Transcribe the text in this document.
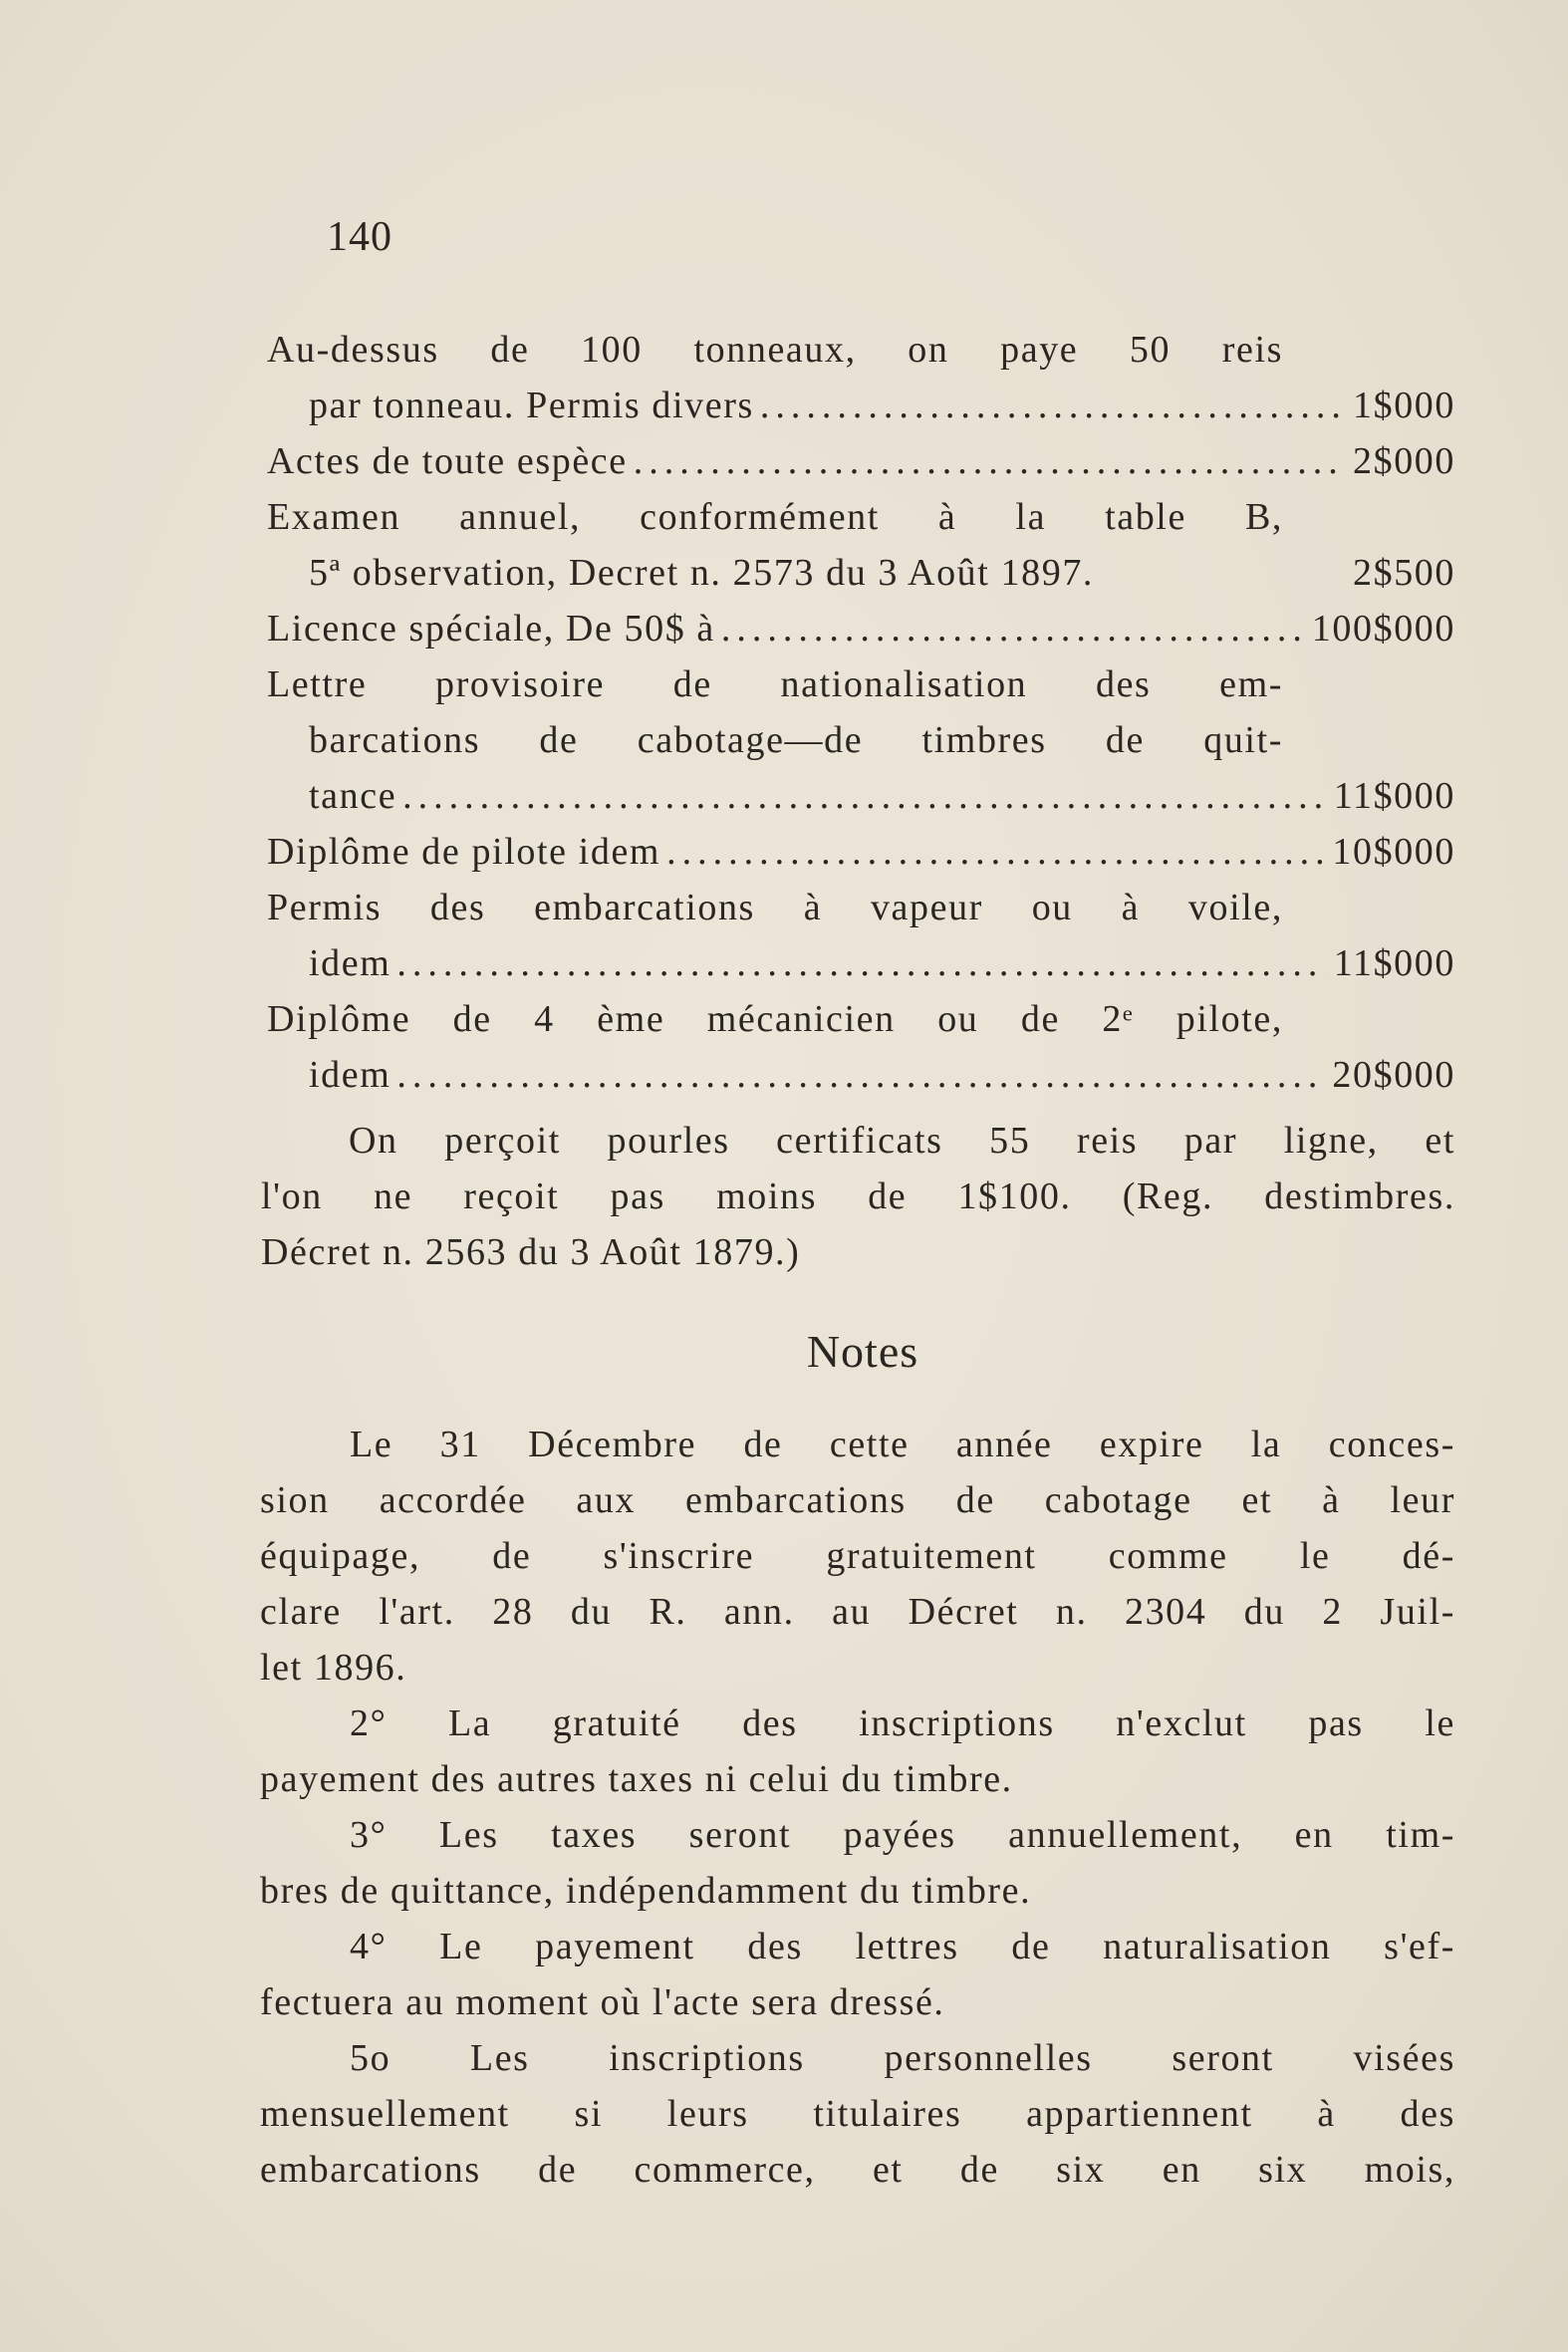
140
Au-dessus de 100 tonneaux, on paye 50 reis
par tonneau. Permis divers .....	1$000
Actes de toute espèce .....	2$000
Examen annuel, conformément à la table B,
5ª observation, Decret n. 2573 du 3 Août 1897.	2$500
Licence spéciale, De 50$ à .....	100$000
Lettre provisoire de nationalisation des em-
barcations de cabotage—de timbres de quit-
tance .....	11$000
Diplôme de pilote idem .....	10$000
Permis des embarcations à vapeur ou à voile,
idem .....	11$000
Diplôme de 4 ème mécanicien ou de 2ᵉ pilote,
idem .....	20$000
On perçoit pourles certificats 55 reis par ligne, et
l'on ne reçoit pas moins de 1$100. (Reg. destimbres.
Décret n. 2563 du 3 Août 1879.)
Notes
Le 31 Décembre de cette année expire la conces-
sion accordée aux embarcations de cabotage et à leur
équipage, de s'inscrire gratuitement comme le dé-
clare l'art. 28 du R. ann. au Décret n. 2304 du 2 Juil-
let 1896.
2° La gratuité des inscriptions n'exclut pas le
payement des autres taxes ni celui du timbre.
3° Les taxes seront payées annuellement, en tim-
bres de quittance, indépendamment du timbre.
4° Le payement des lettres de naturalisation s'ef-
fectuera au moment où l'acte sera dressé.
5o Les inscriptions personnelles seront visées
mensuellement si leurs titulaires appartiennent à des
embarcations de commerce, et de six en six mois,
